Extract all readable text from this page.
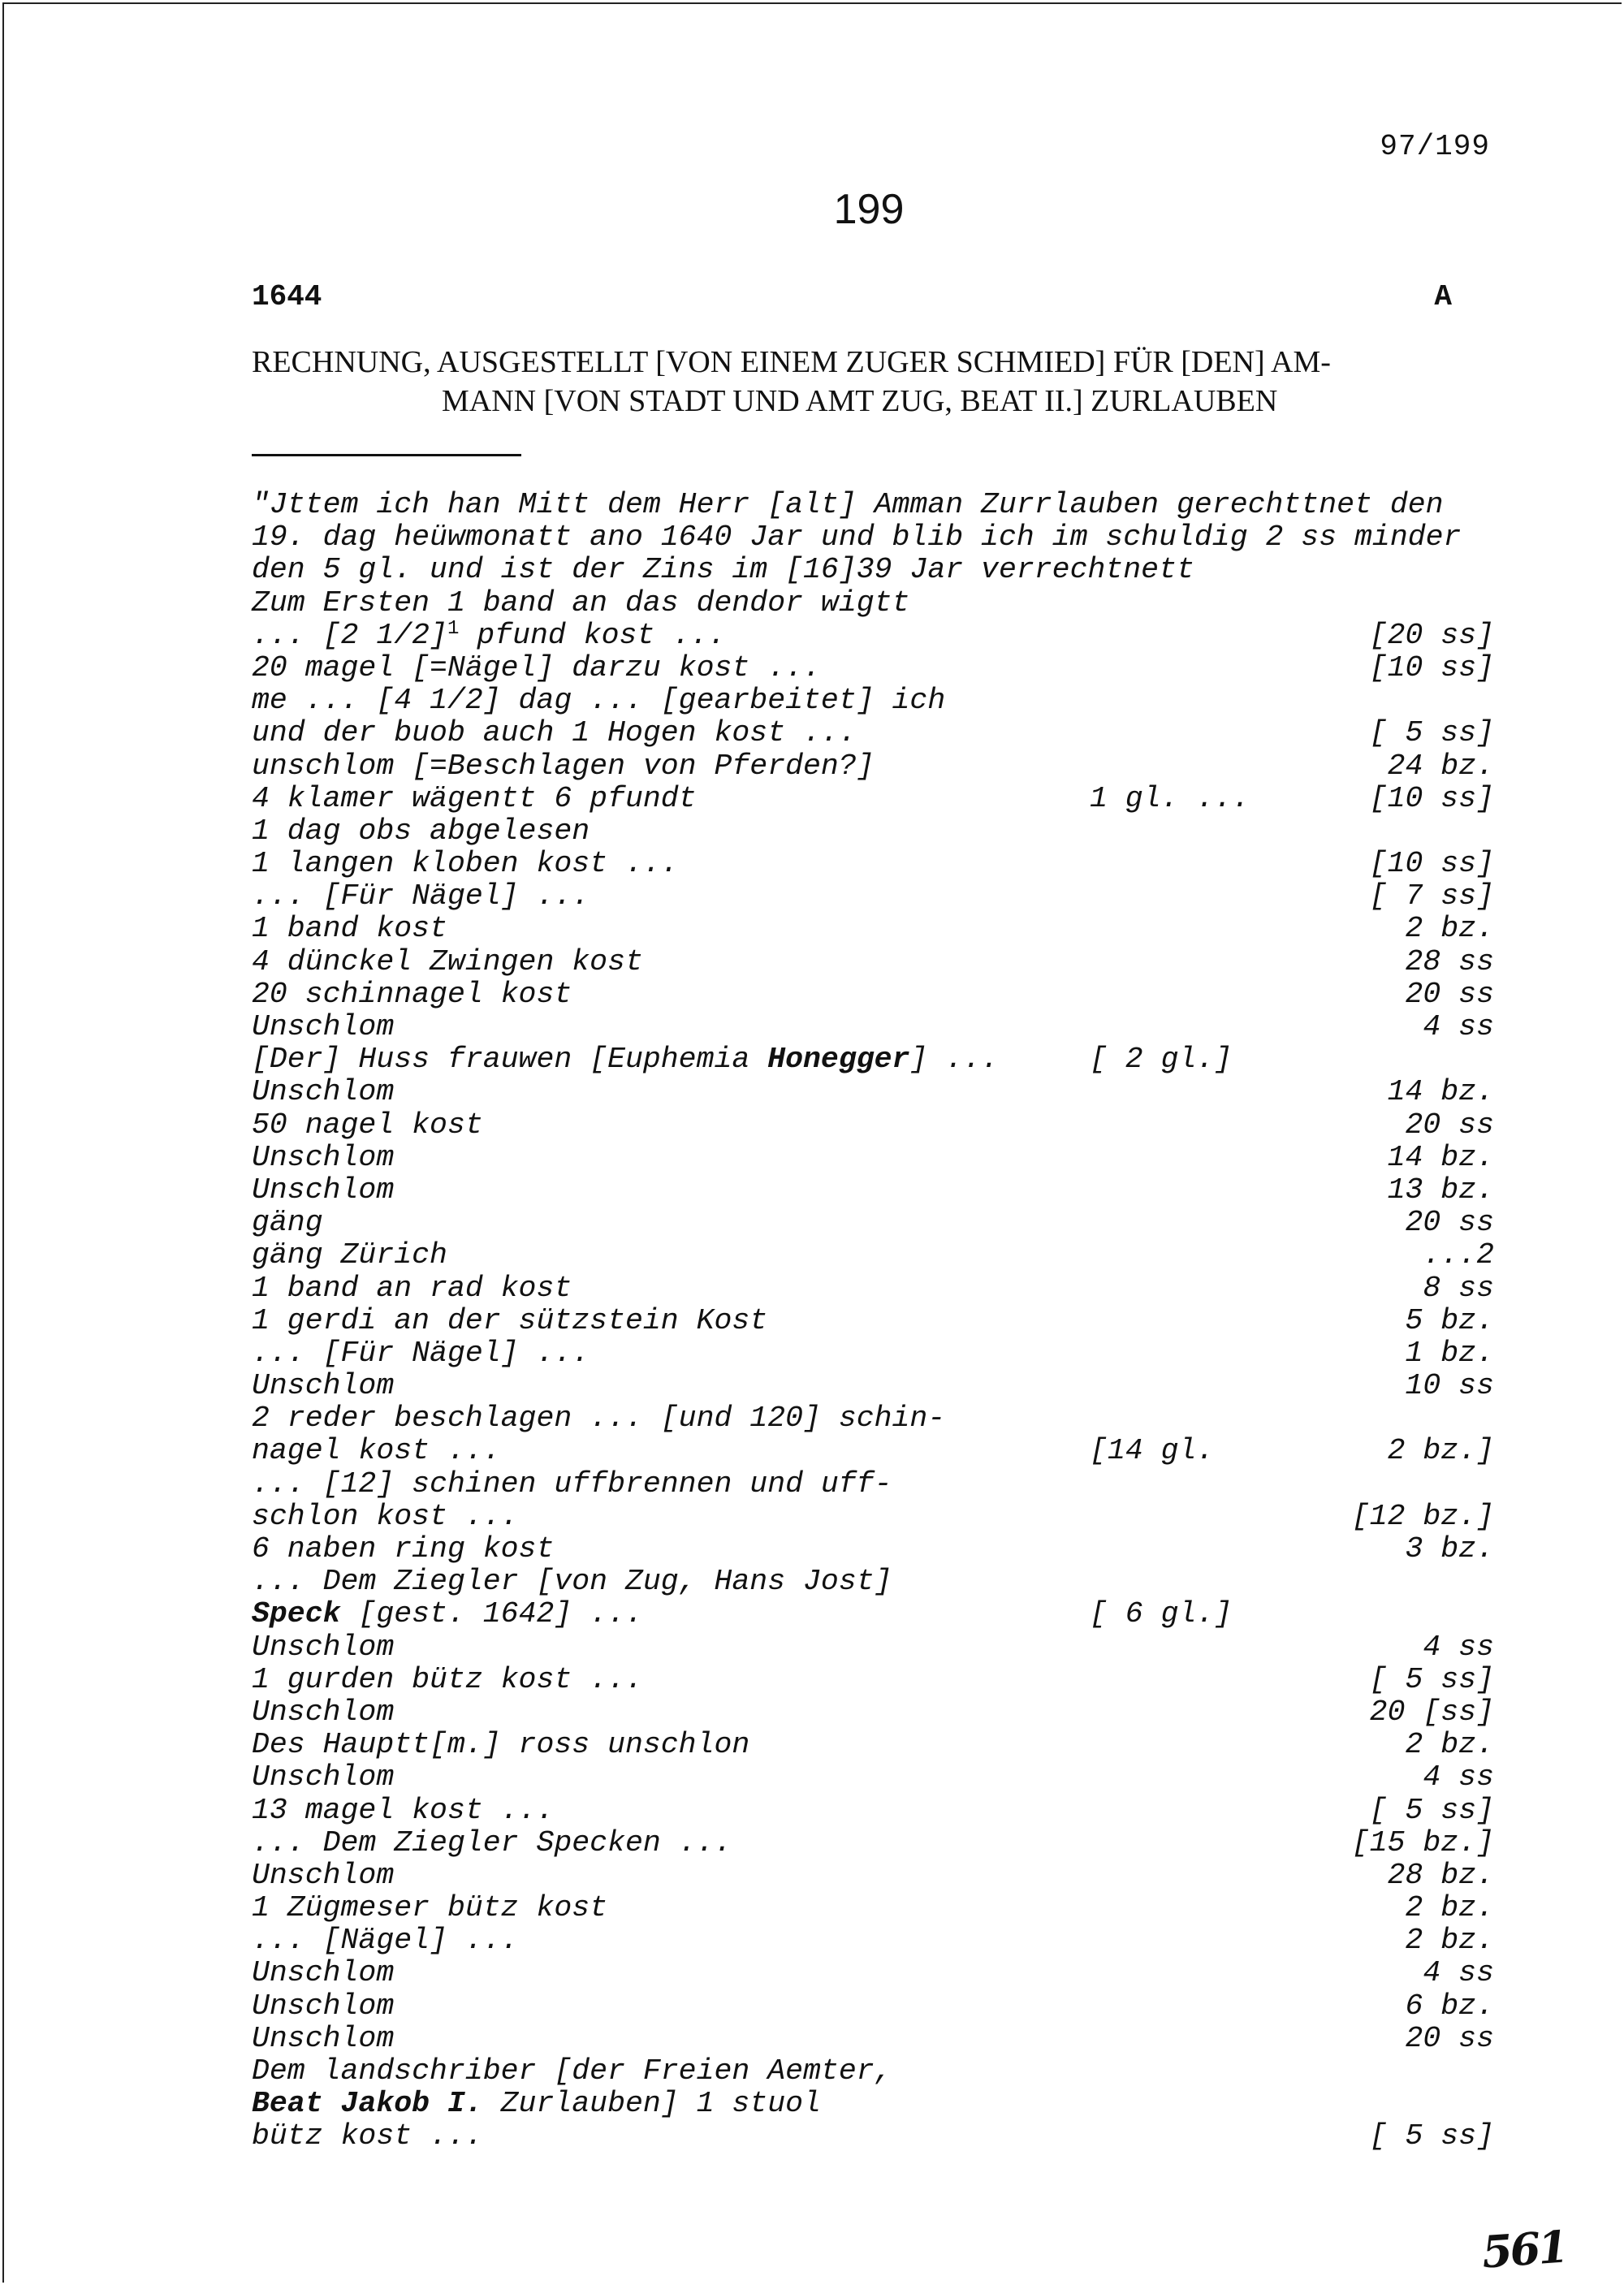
97/199
199
1644	A
RECHNUNG, AUSGESTELLT [VON EINEM ZUGER SCHMIED] FÜR [DEN] AM-
MANN [VON STADT UND AMT ZUG, BEAT II.] ZURLAUBEN
"Jttem ich han Mitt dem Herr [alt] Amman Zurrlauben gerechttnet den
19. dag heüwmonatt ano 1640 Jar und blib ich im schuldig 2 ss minder
den 5 gl. und ist der Zins im [16]39 Jar verrechtnett
Zum Ersten 1 band an das dendor wigtt
... [2 1/2]$^1$ pfund kost ...	[20 ss]
20 magel [=Nägel] darzu kost ...	[10 ss]
me ... [4 1/2] dag ... [gearbeitet] ich
und der buob auch 1 Hogen kost ...	[ 5 ss]
unschlom [=Beschlagen von Pferden?]	24 bz.
4 klamer wägentt 6 pfundt	1 gl. ...	[10 ss]
1 dag obs abgelesen
1 langen kloben kost ...	[10 ss]
... [Für Nägel] ...	[ 7 ss]
1 band kost	2 bz.
4 dünckel Zwingen kost	28 ss
20 schinnagel kost	20 ss
Unschlom	4 ss
[Der] Huss frauwen [Euphemia Honegger] ...	[ 2 gl.]
Unschlom	14 bz.
50 nagel kost	20 ss
Unschlom	14 bz.
Unschlom	13 bz.
gäng	20 ss
gäng Zürich	...2
1 band an rad kost	8 ss
1 gerdi an der sützstein Kost	5 bz.
... [Für Nägel] ...	1 bz.
Unschlom	10 ss
2 reder beschlagen ... [und 120] schin-
nagel kost ...	[14 gl.	2 bz.]
... [12] schinen uffbrennen und uff-
schlon kost ...	[12 bz.]
6 naben ring kost	3 bz.
... Dem Ziegler [von Zug, Hans Jost]
Speck [gest. 1642] ...	[ 6 gl.]
Unschlom	4 ss
1 gurden bütz kost ...	[ 5 ss]
Unschlom	20 [ss]
Des Hauptt[m.] ross unschlon	2 bz.
Unschlom	4 ss
13 magel kost ...	[ 5 ss]
... Dem Ziegler Specken ...	[15 bz.]
Unschlom	28 bz.
1 Zügmeser bütz kost	2 bz.
... [Nägel] ...	2 bz.
Unschlom	4 ss
Unschlom	6 bz.
Unschlom	20 ss
Dem landschriber [der Freien Aemter,
Beat Jakob I. Zurlauben] 1 stuol
bütz kost ...	[ 5 ss]
561
